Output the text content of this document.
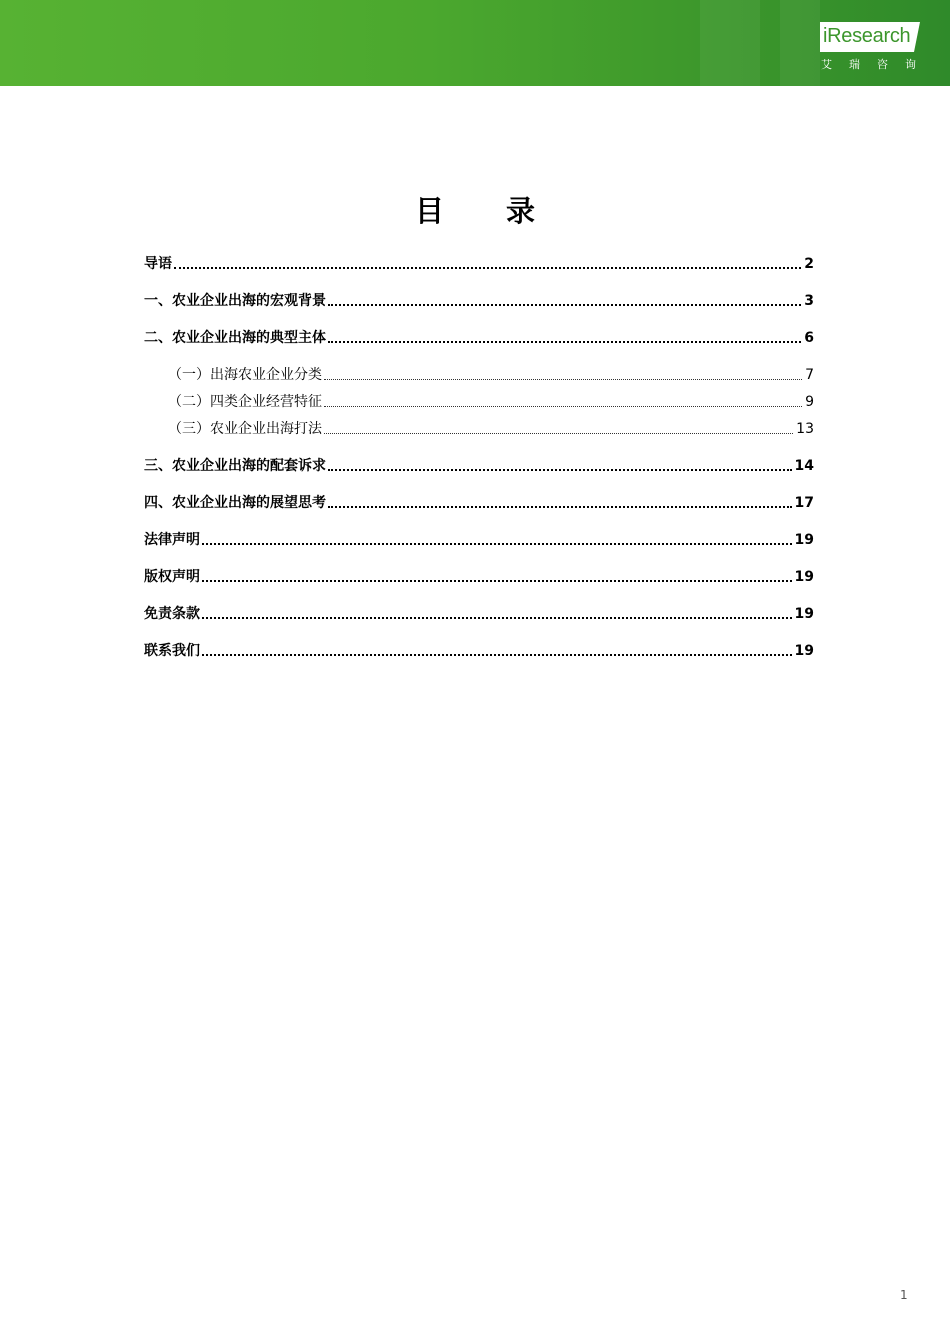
iResearch
艾瑞咨询
目 录
导语	2
一、农业企业出海的宏观背景	3
二、农业企业出海的典型主体	6
（一）出海农业企业分类	7
（二）四类企业经营特征	9
（三）农业企业出海打法	13
三、农业企业出海的配套诉求	14
四、农业企业出海的展望思考	17
法律声明	19
版权声明	19
免责条款	19
联系我们	19
1
